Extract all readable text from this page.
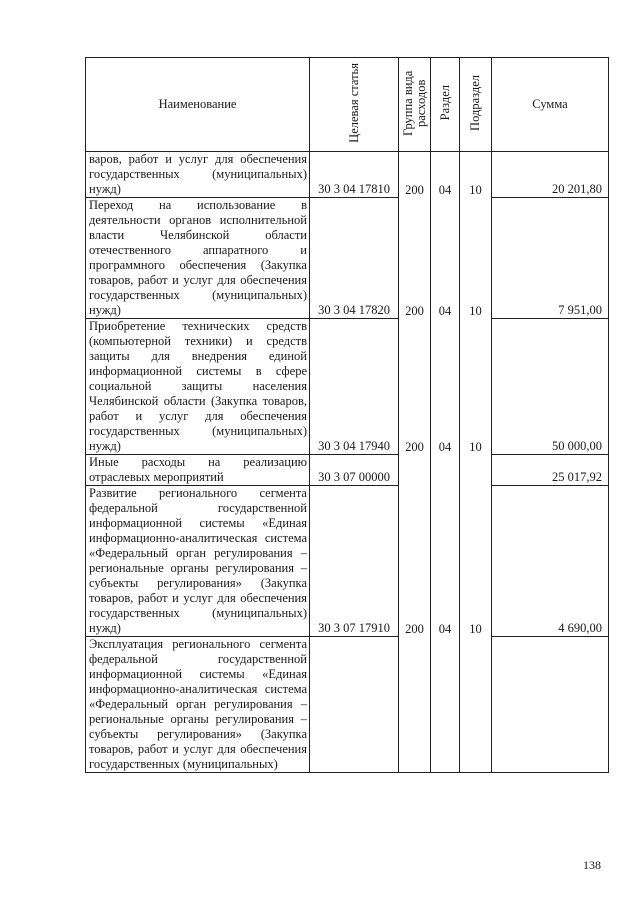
Наименование	Целевая статья	Группа вида расходов	Раздел	Подраздел	Сумма
варов, работ и услуг для обеспечения государственных (муниципальных) нужд)	30 3 04 17810	200	04	10	20 201,80
Переход на использование в деятельности органов исполнительной власти Челябинской области отечественного аппаратного и программного обеспечения (Закупка товаров, работ и услуг для обеспечения государственных (муниципальных) нужд)	30 3 04 17820	200	04	10	7 951,00
Приобретение технических средств (компьютерной техники) и средств защиты для внедрения единой информационной системы в сфере социальной защиты населения Челябинской области (Закупка товаров, работ и услуг для обеспечения государственных (муниципальных) нужд)	30 3 04 17940	200	04	10	50 000,00
Иные расходы на реализацию отраслевых мероприятий	30 3 07 00000				25 017,92
Развитие регионального сегмента федеральной государственной информационной системы «Единая информационно-аналитическая система «Федеральный орган регулирования – региональные органы регулирования – субъекты регулирования» (Закупка товаров, работ и услуг для обеспечения государственных (муниципальных) нужд)	30 3 07 17910	200	04	10	4 690,00
Эксплуатация регионального сегмента федеральной государственной информационной системы «Единая информационно-аналитическая система «Федеральный орган регулирования – региональные органы регулирования – субъекты регулирования» (Закупка товаров, работ и услуг для обеспечения государственных (муниципальных)					
138
